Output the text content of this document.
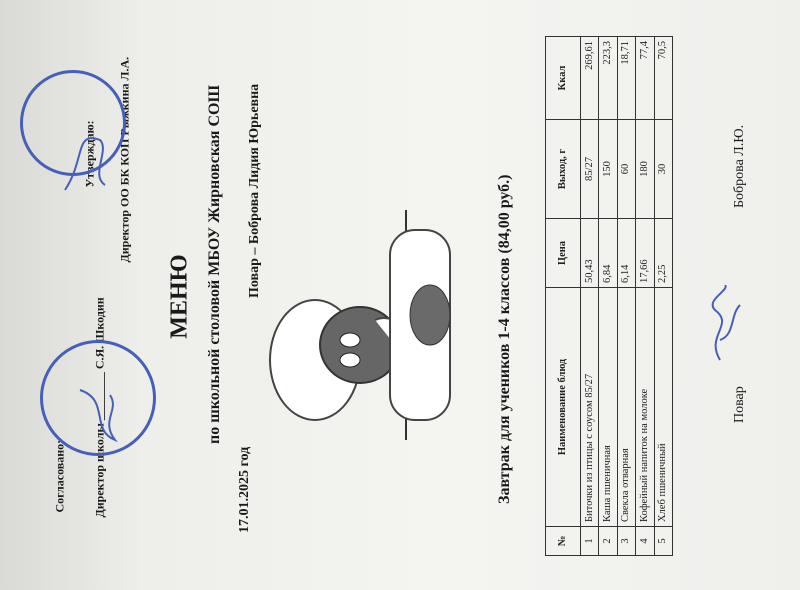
Согласовано: Директор школы ________ С.Я. Шкодин
Утверждаю: Директор ОО БК КОП Рыжкина Л.А.
МЕНЮ по школьной столовой МБОУ Жирновская СОШ
17.01.2025 год
Повар – Боброва Лидия Юрьевна	Завтрак для учеников 1-4 классов (84,00 руб.)
№	Наименование блюд	Цена	Выход, г	Ккал
1	Биточки из птицы с соусом 85/27	50,43	85/27	269,61
2	Каша пшеничная	6,84	150	223,3
3	Свекла отварная	6,14	60	18,71
4	Кофейный напиток на молоке	17,66	180	77,4
5	Хлеб пшеничный	2,25	30	70,5
Повар
Боброва Л.Ю.
